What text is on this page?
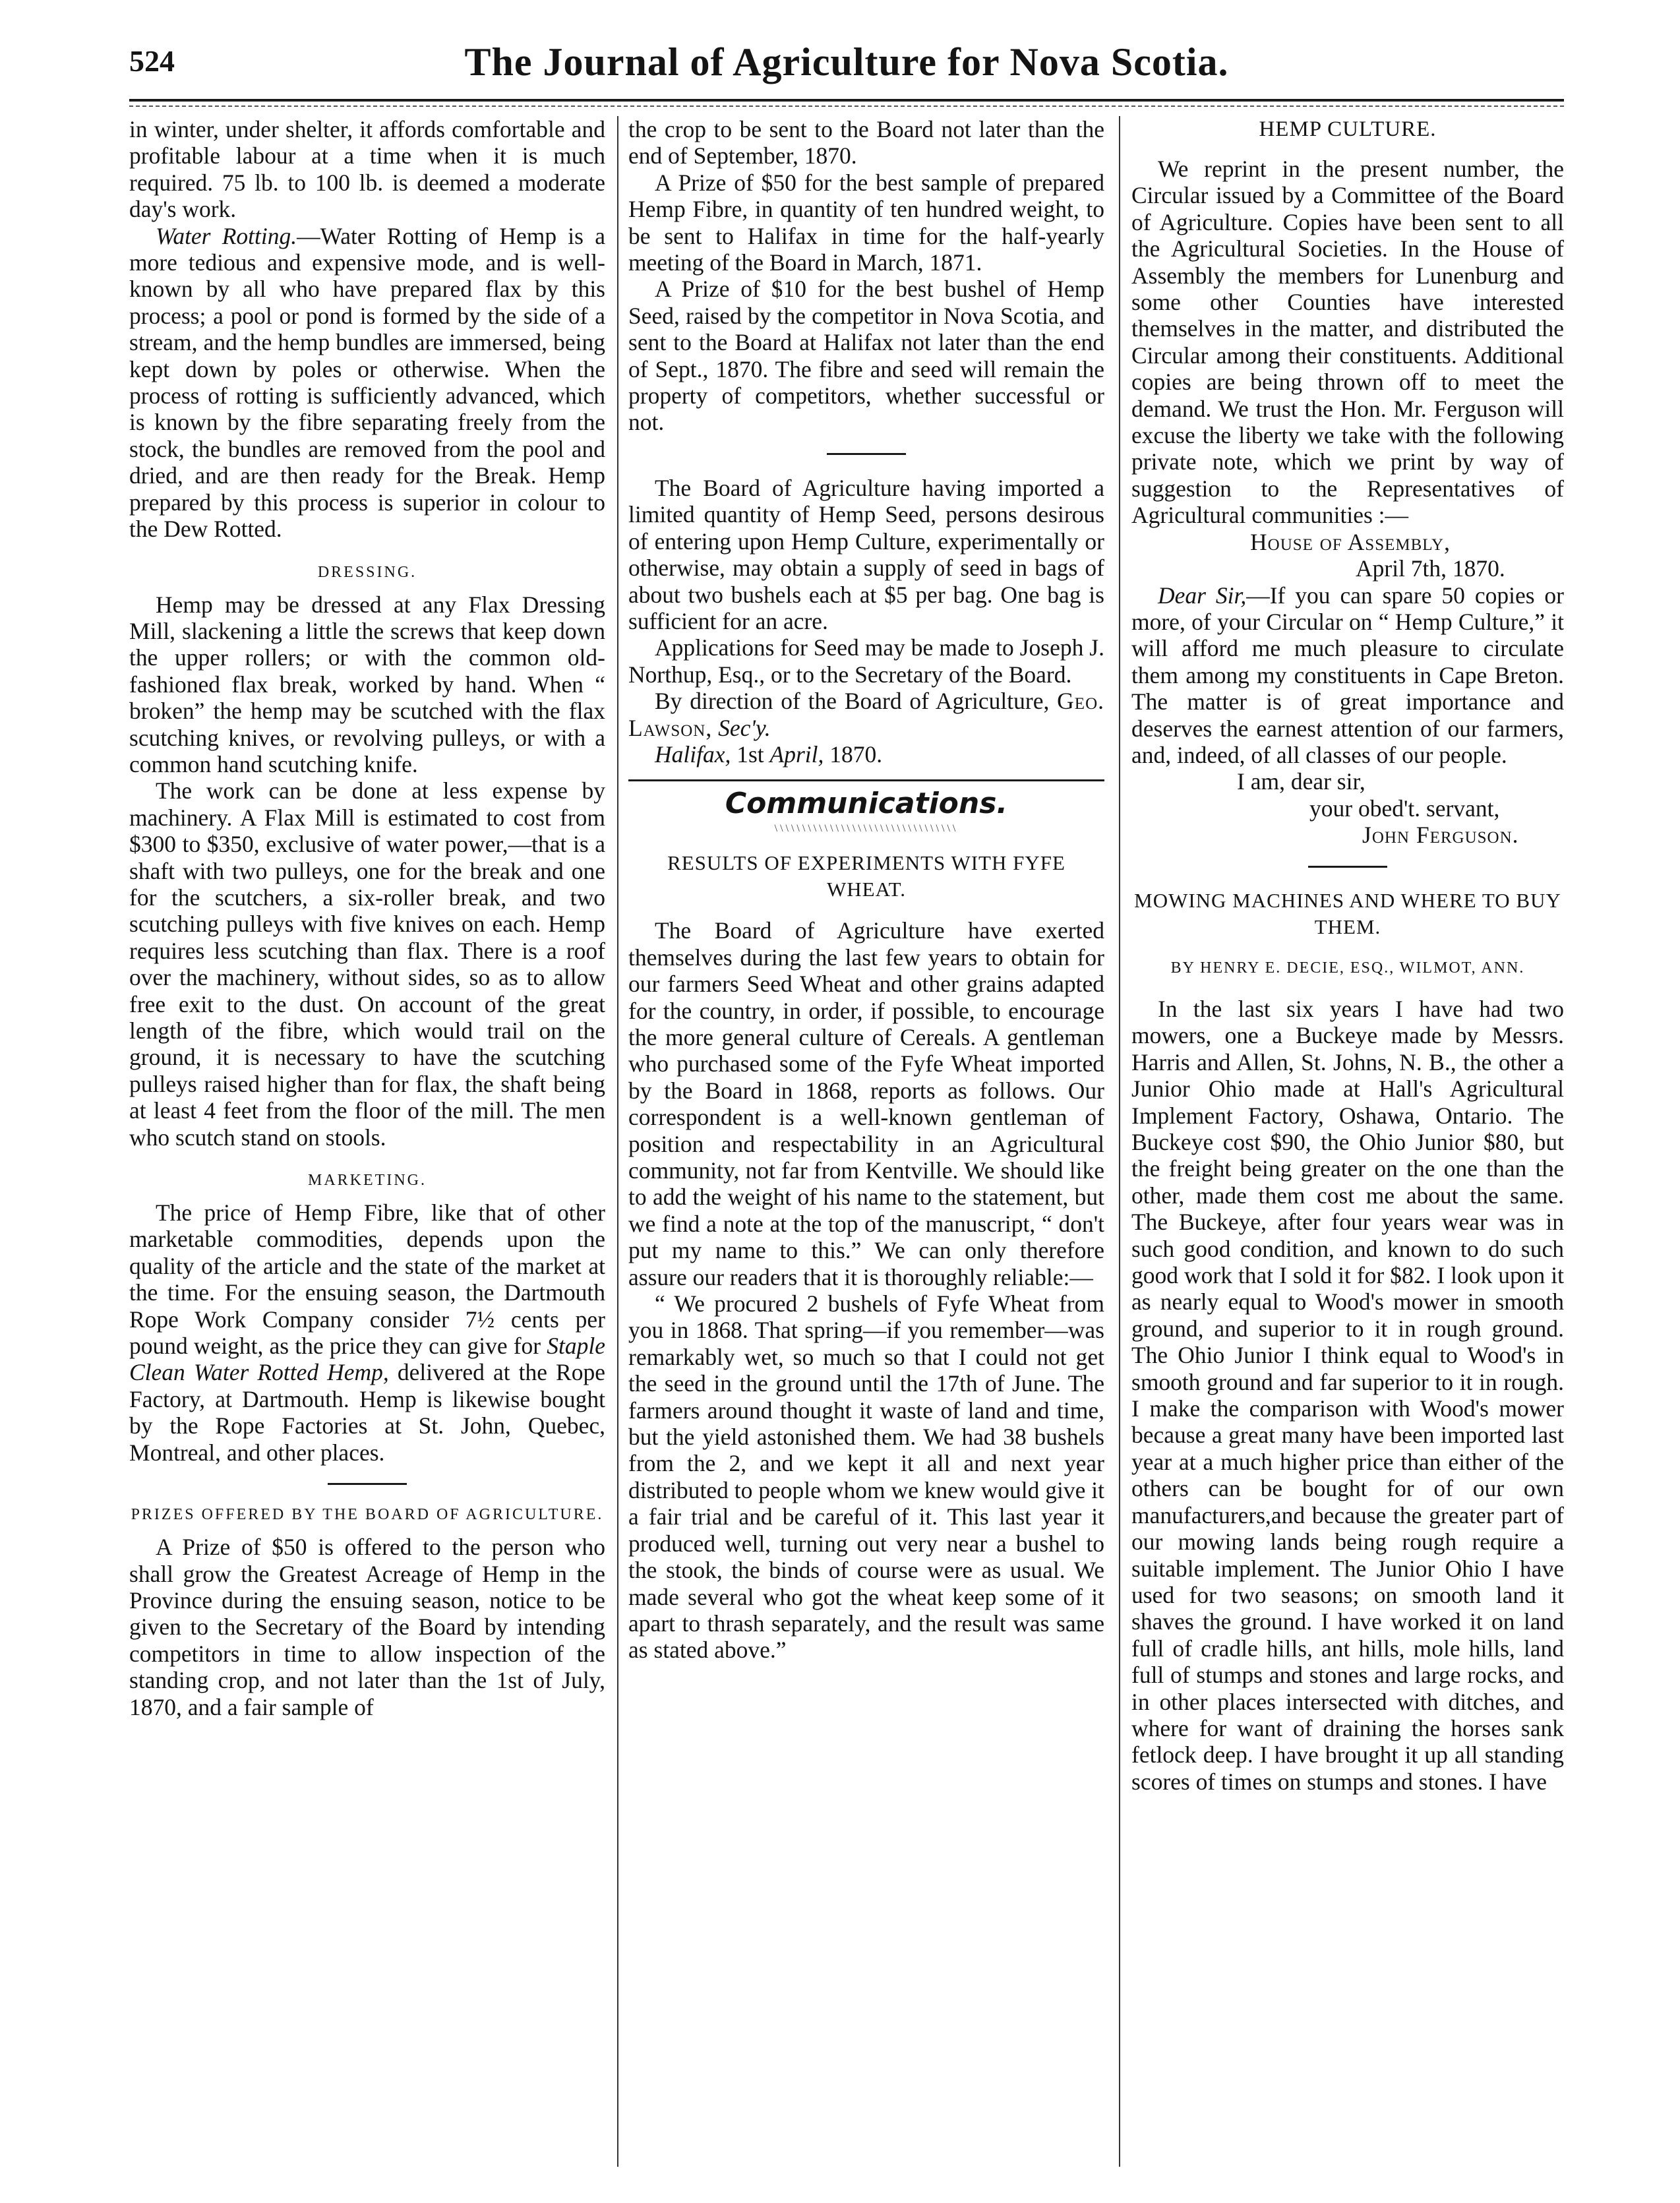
The Journal of Agriculture for Nova Scotia.
524

in winter, under shelter, it affords comfortable and profitable labour at a time when it is much required. 75 lb. to 100 lb. is deemed a moderate day's work.

Water Rotting.—Water Rotting of Hemp is a more tedious and expensive mode, and is well-known by all who have prepared flax by this process; a pool or pond is formed by the side of a stream, and the hemp bundles are immersed, being kept down by poles or otherwise. When the process of rotting is sufficiently advanced, which is known by the fibre separating freely from the stock, the bundles are removed from the pool and dried, and are then ready for the Break. Hemp prepared by this process is superior in colour to the Dew Rotted.

DRESSING.

Hemp may be dressed at any Flax Dressing Mill, slackening a little the screws that keep down the upper rollers; or with the common old-fashioned flax break, worked by hand. When “ broken” the hemp may be scutched with the flax scutching knives, or revolving pulleys, or with a common hand scutching knife.

The work can be done at less expense by machinery. A Flax Mill is estimated to cost from $300 to $350, exclusive of water power,—that is a shaft with two pulleys, one for the break and one for the scutchers, a six-roller break, and two scutching pulleys with five knives on each. Hemp requires less scutching than flax. There is a roof over the machinery, without sides, so as to allow free exit to the dust. On account of the great length of the fibre, which would trail on the ground, it is necessary to have the scutching pulleys raised higher than for flax, the shaft being at least 4 feet from the floor of the mill. The men who scutch stand on stools.

MARKETING.

The price of Hemp Fibre, like that of other marketable commodities, depends upon the quality of the article and the state of the market at the time. For the ensuing season, the Dartmouth Rope Work Company consider 7½ cents per pound weight, as the price they can give for Staple Clean Water Rotted Hemp, delivered at the Rope Factory, at Dartmouth. Hemp is likewise bought by the Rope Factories at St. John, Quebec, Montreal, and other places.

PRIZES OFFERED BY THE BOARD OF AGRICULTURE.

A Prize of $50 is offered to the person who shall grow the Greatest Acreage of Hemp in the Province during the ensuing season, notice to be given to the Secretary of the Board by intending competitors in time to allow inspection of the standing crop, and not later than the 1st of July, 1870, and a fair sample of

the crop to be sent to the Board not later than the end of September, 1870.

A Prize of $50 for the best sample of prepared Hemp Fibre, in quantity of ten hundred weight, to be sent to Halifax in time for the half-yearly meeting of the Board in March, 1871.

A Prize of $10 for the best bushel of Hemp Seed, raised by the competitor in Nova Scotia, and sent to the Board at Halifax not later than the end of Sept., 1870. The fibre and seed will remain the property of competitors, whether successful or not.

The Board of Agriculture having imported a limited quantity of Hemp Seed, persons desirous of entering upon Hemp Culture, experimentally or otherwise, may obtain a supply of seed in bags of about two bushels each at $5 per bag. One bag is sufficient for an acre.

Applications for Seed may be made to Joseph J. Northup, Esq., or to the Secretary of the Board.

By direction of the Board of Agriculture, Geo. Lawson, Sec'y.

Halifax, 1st April, 1870.

Communications.
\\\\\\\\\\\\\\\\\\\\\\\\\\\\\\\\\
RESULTS OF EXPERIMENTS WITH FYFE WHEAT.

The Board of Agriculture have exerted themselves during the last few years to obtain for our farmers Seed Wheat and other grains adapted for the country, in order, if possible, to encourage the more general culture of Cereals. A gentleman who purchased some of the Fyfe Wheat imported by the Board in 1868, reports as follows. Our correspondent is a well-known gentleman of position and respectability in an Agricultural community, not far from Kentville. We should like to add the weight of his name to the statement, but we find a note at the top of the manuscript, “ don't put my name to this.” We can only therefore assure our readers that it is thoroughly reliable:—

“ We procured 2 bushels of Fyfe Wheat from you in 1868. That spring—if you remember—was remarkably wet, so much so that I could not get the seed in the ground until the 17th of June. The farmers around thought it waste of land and time, but the yield astonished them. We had 38 bushels from the 2, and we kept it all and next year distributed to people whom we knew would give it a fair trial and be careful of it. This last year it produced well, turning out very near a bushel to the stook, the binds of course were as usual. We made several who got the wheat keep some of it apart to thrash separately, and the result was same as stated above.”

HEMP CULTURE.

We reprint in the present number, the Circular issued by a Committee of the Board of Agriculture. Copies have been sent to all the Agricultural Societies. In the House of Assembly the members for Lunenburg and some other Counties have interested themselves in the matter, and distributed the Circular among their constituents. Additional copies are being thrown off to meet the demand. We trust the Hon. Mr. Ferguson will excuse the liberty we take with the following private note, which we print by way of suggestion to the Representatives of Agricultural communities :—

House of Assembly,

April 7th, 1870.

Dear Sir,—If you can spare 50 copies or more, of your Circular on “ Hemp Culture,” it will afford me much pleasure to circulate them among my constituents in Cape Breton. The matter is of great importance and deserves the earnest attention of our farmers, and, indeed, of all classes of our people.

I am, dear sir,

your obed't. servant,

John Ferguson.

MOWING MACHINES AND WHERE TO BUY THEM.
BY HENRY E. DECIE, ESQ., WILMOT, ANN.

In the last six years I have had two mowers, one a Buckeye made by Messrs. Harris and Allen, St. Johns, N. B., the other a Junior Ohio made at Hall's Agricultural Implement Factory, Oshawa, Ontario. The Buckeye cost $90, the Ohio Junior $80, but the freight being greater on the one than the other, made them cost me about the same. The Buckeye, after four years wear was in such good condition, and known to do such good work that I sold it for $82. I look upon it as nearly equal to Wood's mower in smooth ground, and superior to it in rough ground. The Ohio Junior I think equal to Wood's in smooth ground and far superior to it in rough. I make the comparison with Wood's mower because a great many have been imported last year at a much higher price than either of the others can be bought for of our own manufacturers,and because the greater part of our mowing lands being rough require a suitable implement. The Junior Ohio I have used for two seasons; on smooth land it shaves the ground. I have worked it on land full of cradle hills, ant hills, mole hills, land full of stumps and stones and large rocks, and in other places intersected with ditches, and where for want of draining the horses sank fetlock deep. I have brought it up all standing scores of times on stumps and stones. I have
